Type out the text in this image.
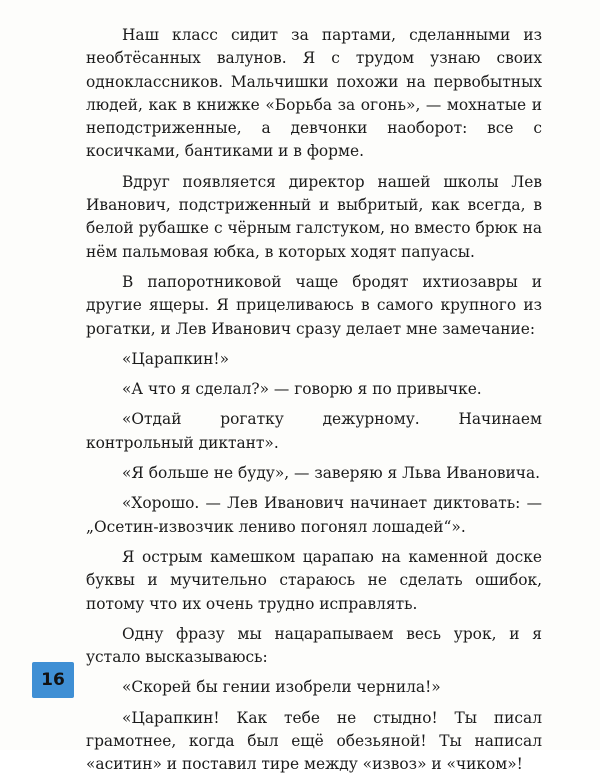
Наш класс сидит за партами, сделанными из необтёсанных валунов. Я с трудом узнаю своих одноклассников. Мальчишки похожи на первобытных людей, как в книжке «Борьба за огонь», — мохнатые и неподстриженные, а девчонки наоборот: все с косичками, бантиками и в форме.

Вдруг появляется директор нашей школы Лев Иванович, подстриженный и выбритый, как всегда, в белой рубашке с чёрным галстуком, но вместо брюк на нём пальмовая юбка, в которых ходят папуасы.

В папоротниковой чаще бродят ихтиозавры и другие ящеры. Я прицеливаюсь в самого крупного из рогатки, и Лев Иванович сразу делает мне замечание:

«Царапкин!»

«А что я сделал?» — говорю я по привычке.

«Отдай рогатку дежурному. Начинаем контрольный диктант».

«Я больше не буду», — заверяю я Льва Ивановича.

«Хорошо. — Лев Иванович начинает диктовать: — „Осетин-извозчик лениво погонял лошадей“».

Я острым камешком царапаю на каменной доске буквы и мучительно стараюсь не сделать ошибок, потому что их очень трудно исправлять.

Одну фразу мы нацарапываем весь урок, и я устало высказываюсь:

«Скорей бы гении изобрели чернила!»

«Царапкин! Как тебе не стыдно! Ты писал грамотнее, когда был ещё обезьяной! Ты написал «аситин» и поставил тире между «извоз» и «чиком»!

16
